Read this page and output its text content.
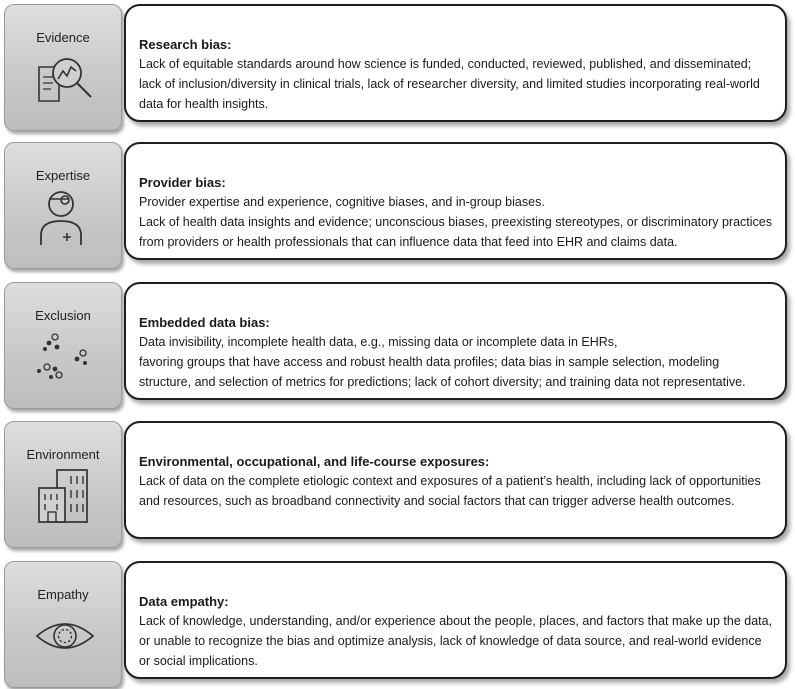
Evidence	Research bias:
Lack of equitable standards around how science is funded, conducted, reviewed, published, and disseminated; lack of inclusion/diversity in clinical trials, lack of researcher diversity, and limited studies incorporating real-world data for health insights.
Expertise	Provider bias:
Provider expertise and experience, cognitive biases, and in-group biases.
Lack of health data insights and evidence; unconscious biases, preexisting stereotypes, or discriminatory practices from providers or health professionals that can influence data that feed into EHR and claims data.
Exclusion	Embedded data bias:
Data invisibility, incomplete health data, e.g., missing data or incomplete data in EHRs,
favoring groups that have access and robust health data profiles; data bias in sample selection, modeling structure, and selection of metrics for predictions; lack of cohort diversity; and training data not representative.
Environment	Environmental, occupational, and life-course exposures:
Lack of data on the complete etiologic context and exposures of a patient’s health, including lack of opportunities and resources, such as broadband connectivity and social factors that can trigger adverse health outcomes.
Empathy	Data empathy:
Lack of knowledge, understanding, and/or experience about the people, places, and factors that make up the data, or unable to recognize the bias and optimize analysis, lack of knowledge of data source, and real-world evidence or social implications.
